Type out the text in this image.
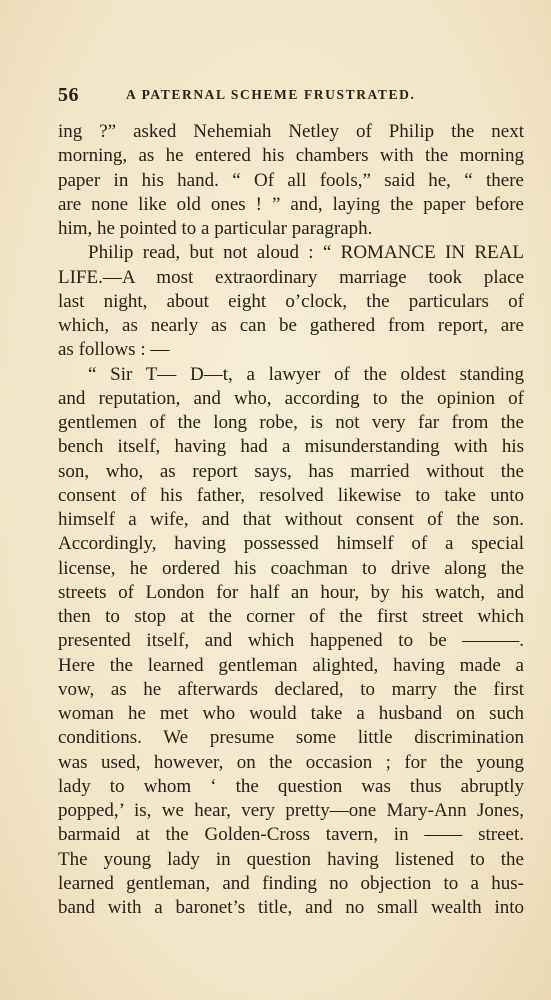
56	A PATERNAL SCHEME FRUSTRATED.
ing ?” asked Nehemiah Netley of Philip the next
morning, as he entered his chambers with the morning
paper in his hand. “ Of all fools,” said he, “ there
are none like old ones ! ” and, laying the paper before
him, he pointed to a particular paragraph.
Philip read, but not aloud : “ ROMANCE IN REAL
LIFE.—A most extraordinary marriage took place
last night, about eight o’clock, the particulars of
which, as nearly as can be gathered from report, are
as follows : —
“ Sir T— D—t, a lawyer of the oldest standing
and reputation, and who, according to the opinion of
gentlemen of the long robe, is not very far from the
bench itself, having had a misunderstanding with his
son, who, as report says, has married without the
consent of his father, resolved likewise to take unto
himself a wife, and that without consent of the son.
Accordingly, having possessed himself of a special
license, he ordered his coachman to drive along the
streets of London for half an hour, by his watch, and
then to stop at the corner of the first street which
presented itself, and which happened to be ———.
Here the learned gentleman alighted, having made a
vow, as he afterwards declared, to marry the first
woman he met who would take a husband on such
conditions. We presume some little discrimination
was used, however, on the occasion ; for the young
lady to whom ‘ the question was thus abruptly
popped,’ is, we hear, very pretty—one Mary-Ann Jones,
barmaid at the Golden-Cross tavern, in —— street.
The young lady in question having listened to the
learned gentleman, and finding no objection to a hus-
band with a baronet’s title, and no small wealth into
